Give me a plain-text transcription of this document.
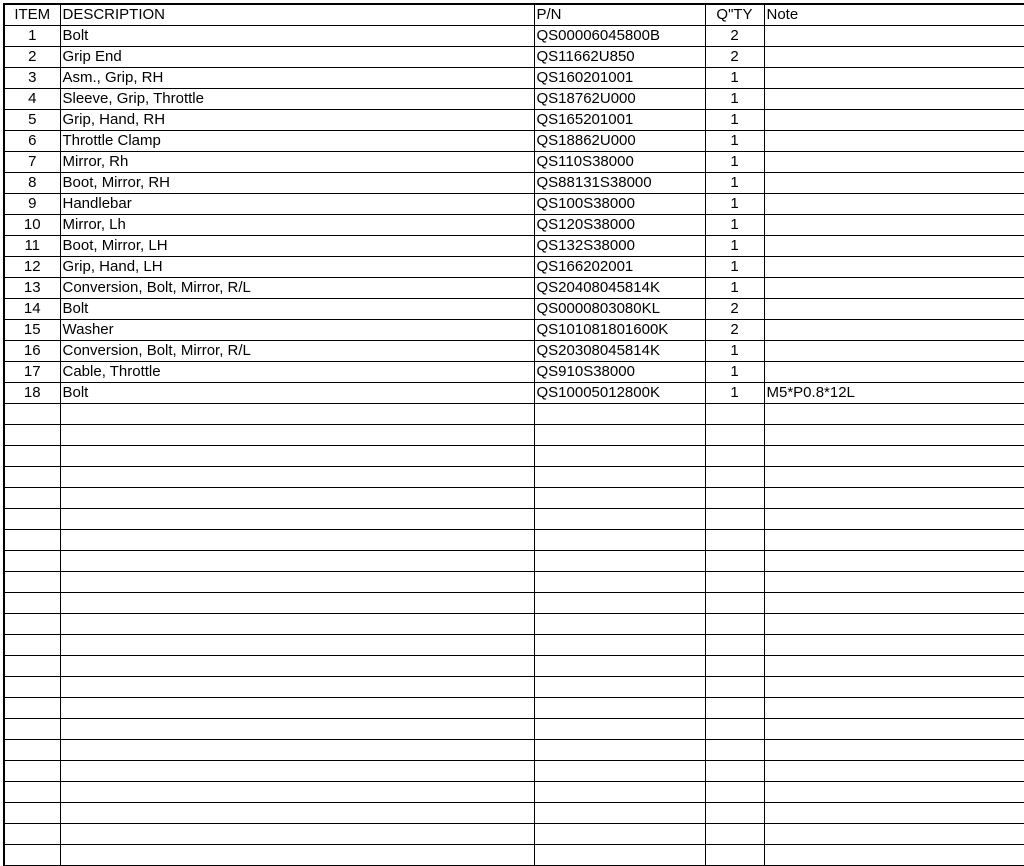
ITEM	DESCRIPTION	P/N	Q"TY	Note
1	Bolt	QS00006045800B	2	
2	Grip End	QS11662U850	2	
3	Asm., Grip, RH	QS160201001	1	
4	Sleeve, Grip, Throttle	QS18762U000	1	
5	Grip, Hand, RH	QS165201001	1	
6	Throttle Clamp	QS18862U000	1	
7	Mirror, Rh	QS110S38000	1	
8	Boot, Mirror, RH	QS88131S38000	1	
9	Handlebar	QS100S38000	1	
10	Mirror, Lh	QS120S38000	1	
11	Boot, Mirror, LH	QS132S38000	1	
12	Grip, Hand, LH	QS166202001	1	
13	Conversion, Bolt, Mirror, R/L	QS20408045814K	1	
14	Bolt	QS0000803080KL	2	
15	Washer	QS101081801600K	2	
16	Conversion, Bolt, Mirror, R/L	QS20308045814K	1	
17	Cable, Throttle	QS910S38000	1	
18	Bolt	QS10005012800K	1	M5*P0.8*12L
